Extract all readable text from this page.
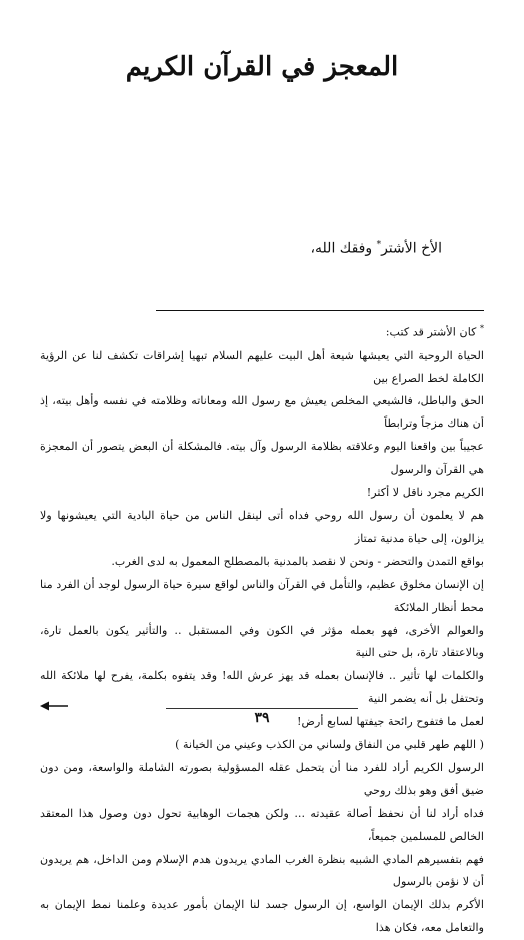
المعجز في القرآن الكريم
الأخ الأشتر* وفقك الله،

* كان الأشتر قد كتب:

الحياة الروحية التي يعيشها شيعة أهل البيت عليهم السلام تبهيا إشراقات تكشف لنا عن الرؤية الكاملة لخط الصراع بين

الحق والباطل، فالشيعي المخلص يعيش مع رسول الله ومعاناته وظلامته في نفسه وأهل بيته، إذ أن هناك مزجاً وترابطاً

عجيباً بين واقعنا اليوم وعلاقته بظلامة الرسول وآل بيته. فالمشكلة أن البعض يتصور أن المعجزة هي القرآن والرسول

الكريم مجرد ناقل لا أكثر!

هم لا يعلمون أن رسول الله روحي فداه أتى لينقل الناس من حياة البادية التي يعيشونها ولا يزالون، إلى حياة مدنية تمتاز

بواقع التمدن والتحضر - ونحن لا نقصد بالمدنية بالمصطلح المعمول به لدى الغرب.

إن الإنسان مخلوق عظيم، والتأمل في القرآن والناس لواقع سيرة حياة الرسول لوجد أن الفرد منا محط أنظار الملائكة

والعوالم الأخرى، فهو بعمله مؤثر في الكون وفي المستقبل .. والتأثير يكون بالعمل تارة، وبالاعتقاد تارة، بل حتى النية

والكلمات لها تأثير .. فالإنسان بعمله قد يهز عرش الله! وقد يتفوه بكلمة، يفرح لها ملائكة الله وتحتفل بل أنه يضمر النية

لعمل ما فتفوح رائحة جيفتها لسابع أرض!

( اللهم طهر قلبي من النفاق ولساني من الكذب وعيني من الخيانة )

الرسول الكريم أراد للفرد منا أن يتحمل عقله المسؤولية بصورته الشاملة والواسعة، ومن دون ضيق أفق وهو بذلك روحي

فداه أراد لنا أن نحفظ أصالة عقيدته ... ولكن هجمات الوهابية تحول دون وصول هذا المعتقد الخالص للمسلمين جميعاً،

فهم بتفسيرهم المادي الشبيه بنظرة الغرب المادي يريدون هدم الإسلام ومن الداخل، هم يريدون أن لا نؤمن بالرسول

الأكرم بذلك الإيمان الواسع، إن الرسول جسد لنا الإيمان بأمور عديدة وعلمنا نمط الإيمان به والتعامل معه، فكان هذا

٣٩
